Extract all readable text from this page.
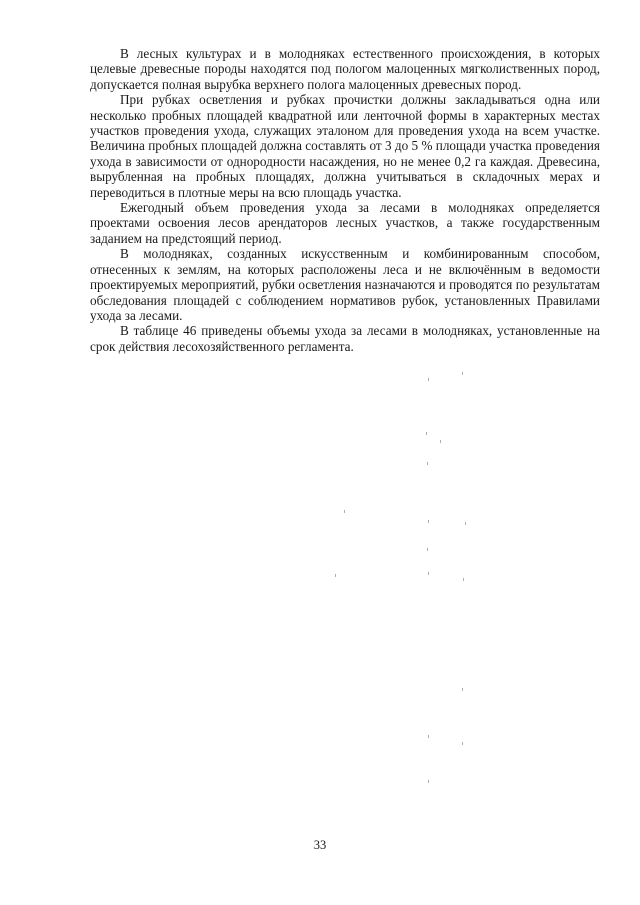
В лесных культурах и в молодняках естественного происхождения, в которых целевые древесные породы находятся под пологом малоценных мягколиственных пород, допускается полная вырубка верхнего полога малоценных древесных пород.

При рубках осветления и рубках прочистки должны закладываться одна или несколько пробных площадей квадратной или ленточной формы в характерных местах участков проведения ухода, служащих эталоном для проведения ухода на всем участке. Величина пробных площадей должна составлять от 3 до 5 % площади участка проведения ухода в зависимости от однородности насаждения, но не менее 0,2 га каждая. Древесина, вырубленная на пробных площадях, должна учитываться в складочных мерах и переводиться в плотные меры на всю площадь участка.

Ежегодный объем проведения ухода за лесами в молодняках определяется проектами освоения лесов арендаторов лесных участков, а также государственным заданием на предстоящий период.

В молодняках, созданных искусственным и комбинированным способом, отнесенных к землям, на которых расположены леса и не включённым в ведомости проектируемых мероприятий, рубки осветления назначаются и проводятся по результатам обследования площадей с соблюдением нормативов рубок, установленных Правилами ухода за лесами.

В таблице 46 приведены объемы ухода за лесами в молодняках, установленные на срок действия лесохозяйственного регламента.

33
